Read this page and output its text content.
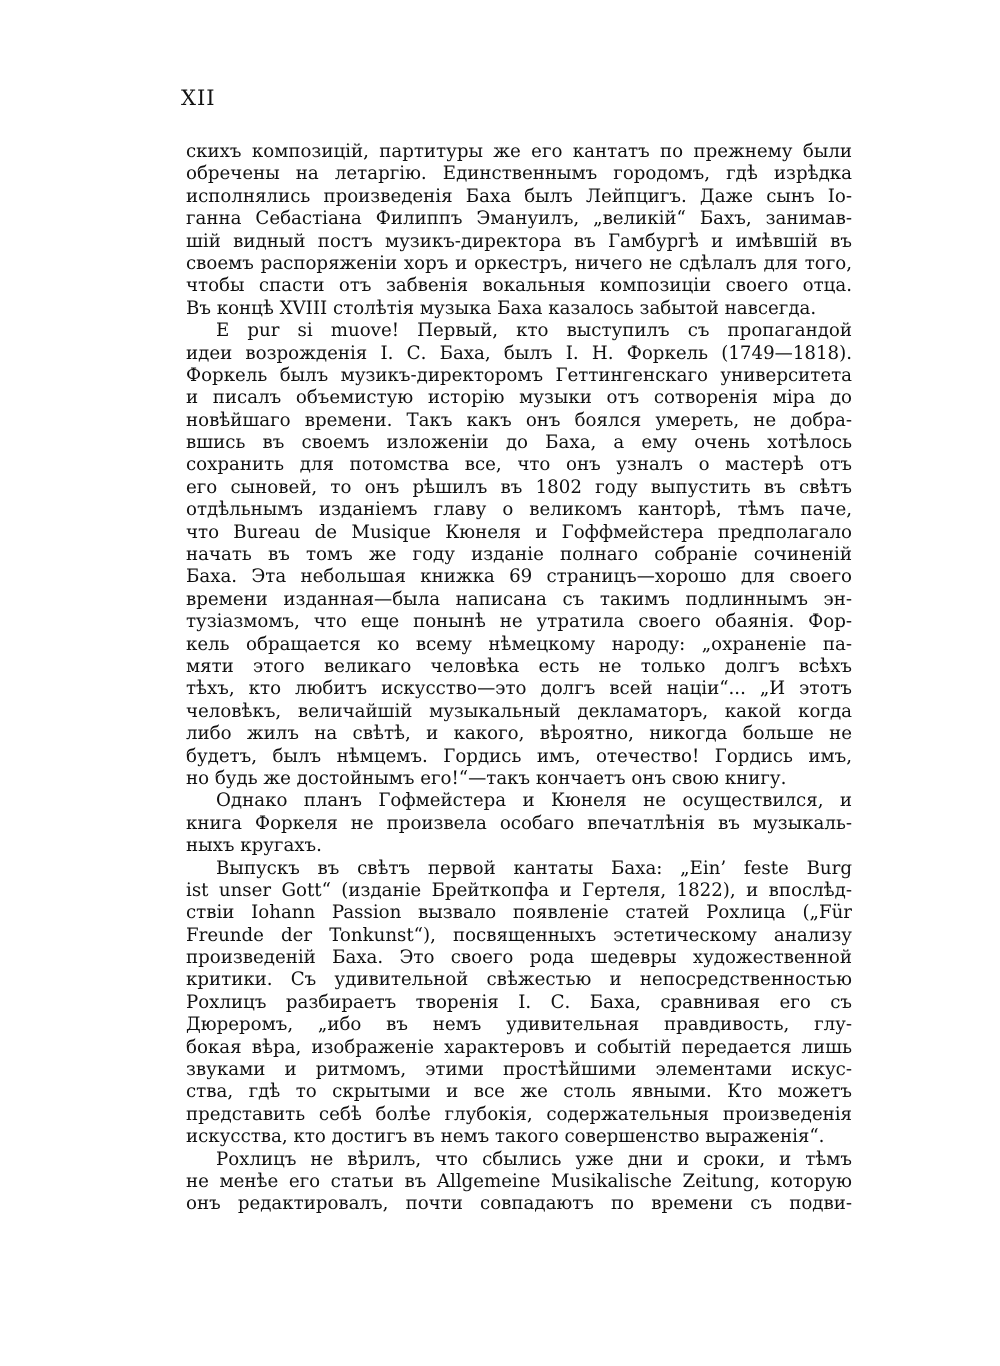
XII
скихъ композицій, партитуры же его кантатъ по прежнему были
обречены на летаргію. Единственнымъ городомъ, гдѣ изрѣдка
исполнялись произведенія Баха былъ Лейпцигъ. Даже сынъ Іо-
ганна Себастіана Филиппъ Эмануилъ, „великій“ Бахъ, занимав-
шій видный постъ музикъ-директора въ Гамбургѣ и имѣвшій въ
своемъ распоряженіи хоръ и оркестръ, ничего не сдѣлалъ для того,
чтобы спасти отъ забвенія вокальныя композиціи своего отца.
Въ концѣ XVIII столѣтія музыка Баха казалось забытой навсегда.
E pur si muove! Первый, кто выступилъ съ пропагандой
идеи возрожденія І. С. Баха, былъ І. Н. Форкель (1749—1818).
Форкель былъ музикъ-директоромъ Геттингенскаго университета
и писалъ объемистую исторію музыки отъ сотворенія міра до
новѣйшаго времени. Такъ какъ онъ боялся умереть, не добра-
вшись въ своемъ изложеніи до Баха, а ему очень хотѣлось
сохранить для потомства все, что онъ узналъ о мастерѣ отъ
его сыновей, то онъ рѣшилъ въ 1802 году выпустить въ свѣтъ
отдѣльнымъ изданіемъ главу о великомъ канторѣ, тѣмъ паче,
что Bureau de Musique Кюнеля и Гоффмейстера предполагало
начать въ томъ же году изданіе полнаго собраніе сочиненій
Баха. Эта небольшая книжка 69 страницъ—хорошо для своего
времени изданная—была написана съ такимъ подлиннымъ эн-
тузіазмомъ, что еще понынѣ не утратила своего обаянія. Фор-
кель обращается ко всему нѣмецкому народу: „охраненіе па-
мяти этого великаго человѣка есть не только долгъ всѣхъ
тѣхъ, кто любитъ искусство—это долгъ всей націи“... „И этотъ
человѣкъ, величайшій музыкальный декламаторъ, какой когда
либо жилъ на свѣтѣ, и какого, вѣроятно, никогда больше не
будетъ, былъ нѣмцемъ. Гордись имъ, отечество! Гордись имъ,
но будь же достойнымъ его!“—такъ кончаетъ онъ свою книгу.
Однако планъ Гофмейстера и Кюнеля не осуществился, и
книга Форкеля не произвела особаго впечатлѣнія въ музыкаль-
ныхъ кругахъ.
Выпускъ въ свѣтъ первой кантаты Баха: „Ein’ feste Burg
ist unser Gott“ (изданіе Брейткопфа и Гертеля, 1822), и впослѣд-
ствіи Iohann Passion вызвало появленіе статей Рохлица („Für
Freunde der Tonkunst“), посвященныхъ эстетическому анализу
произведеній Баха. Это своего рода шедевры художественной
критики. Съ удивительной свѣжестью и непосредственностью
Рохлицъ разбираетъ творенія І. С. Баха, сравнивая его съ
Дюреромъ, „ибо въ немъ удивительная правдивость, глу-
бокая вѣра, изображеніе характеровъ и событій передается лишь
звуками и ритмомъ, этими простѣйшими элементами искус-
ства, гдѣ то скрытыми и все же столь явными. Кто можетъ
представить себѣ болѣе глубокія, содержательныя произведенія
искусства, кто достигъ въ немъ такого совершенство выраженія“.
Рохлицъ не вѣрилъ, что сбылись уже дни и сроки, и тѣмъ
не менѣе его статьи въ Allgemeine Musikalische Zeitung, которую
онъ редактировалъ, почти совпадаютъ по времени съ подви-
